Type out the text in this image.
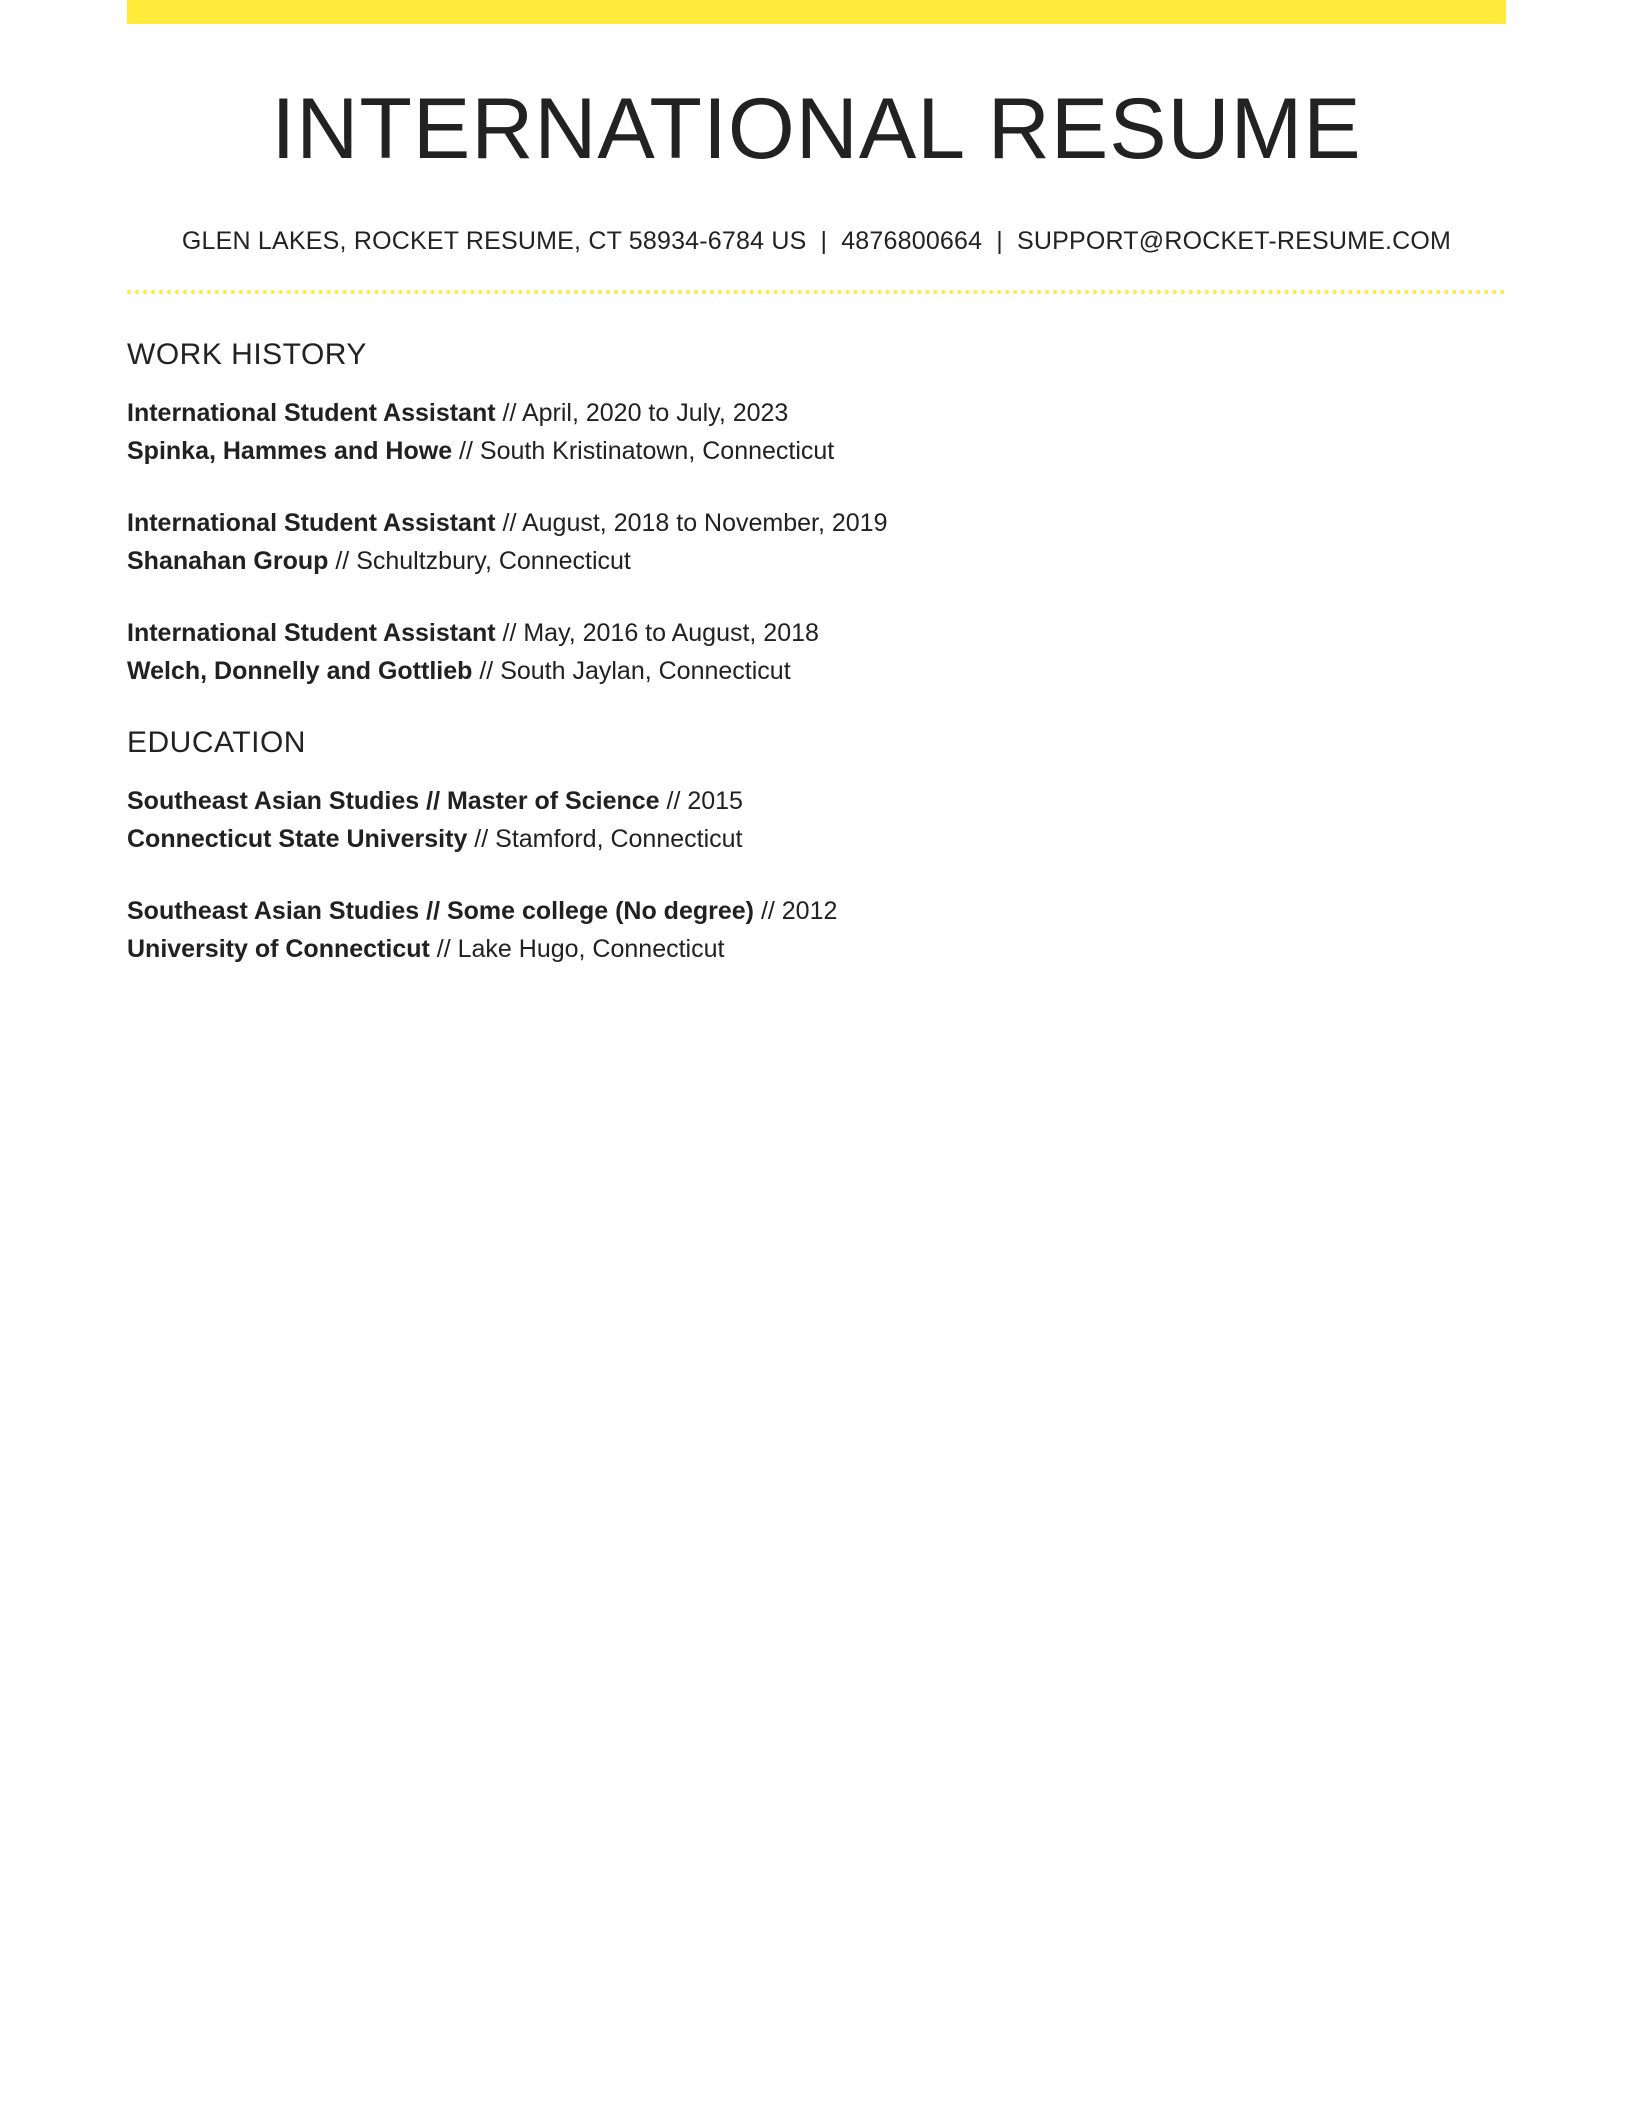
INTERNATIONAL RESUME
GLEN LAKES, ROCKET RESUME, CT 58934-6784 US | 4876800664 | SUPPORT@ROCKET-RESUME.COM
WORK HISTORY
International Student Assistant // April, 2020 to July, 2023
Spinka, Hammes and Howe // South Kristinatown, Connecticut
International Student Assistant // August, 2018 to November, 2019
Shanahan Group // Schultzbury, Connecticut
International Student Assistant // May, 2016 to August, 2018
Welch, Donnelly and Gottlieb // South Jaylan, Connecticut
EDUCATION
Southeast Asian Studies // Master of Science // 2015
Connecticut State University // Stamford, Connecticut
Southeast Asian Studies // Some college (No degree) // 2012
University of Connecticut // Lake Hugo, Connecticut
